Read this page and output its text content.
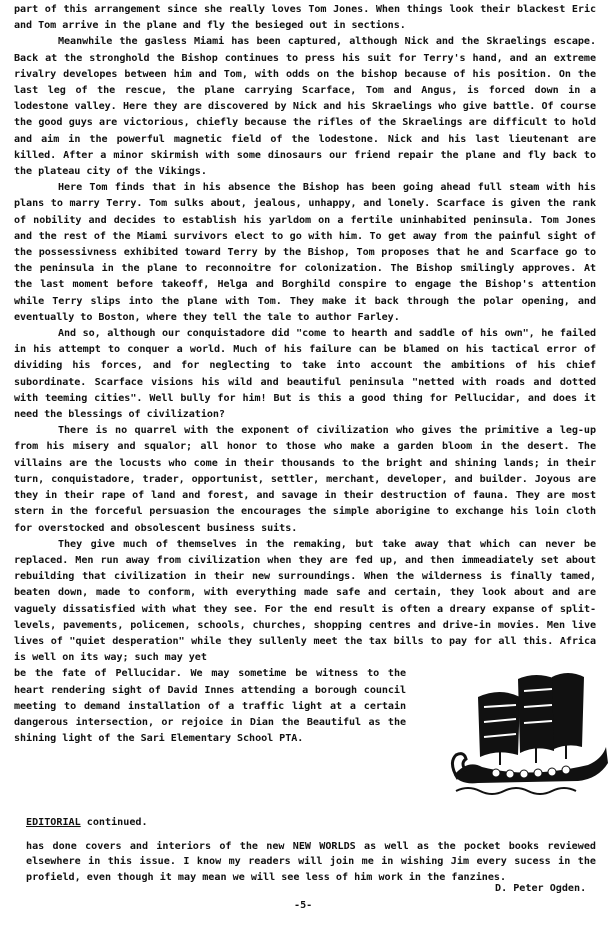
part of this arrangement since she really loves Tom Jones. When things look their blackest Eric and Tom arrive in the plane and fly the besieged out in sections.

Meanwhile the gasless Miami has been captured, although Nick and the Skraelings escape. Back at the stronghold the Bishop continues to press his suit for Terry's hand, and an extreme rivalry developes between him and Tom, with odds on the bishop because of his position. On the last leg of the rescue, the plane carrying Scarface, Tom and Angus, is forced down in a lodestone valley. Here they are discovered by Nick and his Skraelings who give battle. Of course the good guys are victorious, chiefly because the rifles of the Skraelings are difficult to hold and aim in the powerful magnetic field of the lodestone. Nick and his last lieutenant are killed. After a minor skirmish with some dinosaurs our friend repair the plane and fly back to the plateau city of the Vikings.

Here Tom finds that in his absence the Bishop has been going ahead full steam with his plans to marry Terry. Tom sulks about, jealous, unhappy, and lonely. Scarface is given the rank of nobility and decides to establish his yarldom on a fertile uninhabited peninsula. Tom Jones and the rest of the Miami survivors elect to go with him. To get away from the painful sight of the possessivness exhibited toward Terry by the Bishop, Tom proposes that he and Scarface go to the peninsula in the plane to reconnoitre for colonization. The Bishop smilingly approves. At the last moment before takeoff, Helga and Borghild conspire to engage the Bishop's attention while Terry slips into the plane with Tom. They make it back through the polar opening, and eventually to Boston, where they tell the tale to author Farley.

And so, although our conquistadore did "come to hearth and saddle of his own", he failed in his attempt to conquer a world. Much of his failure can be blamed on his tactical error of dividing his forces, and for neglecting to take into account the ambitions of his chief subordinate. Scarface visions his wild and beautiful peninsula "netted with roads and dotted with teeming cities". Well bully for him! But is this a good thing for Pellucidar, and does it need the blessings of civilization?

There is no quarrel with the exponent of civilization who gives the primitive a leg-up from his misery and squalor; all honor to those who make a garden bloom in the desert. The villains are the locusts who come in their thousands to the bright and shining lands; in their turn, conquistadore, trader, opportunist, settler, merchant, developer, and builder. Joyous are they in their rape of land and forest, and savage in their destruction of fauna. They are most stern in the forceful persuasion the encourages the simple aborigine to exchange his loin cloth for overstocked and obsolescent business suits.

They give much of themselves in the remaking, but take away that which can never be replaced. Men run away from civilization when they are fed up, and then immeadiately set about rebuilding that civilization in their new surroundings. When the wilderness is finally tamed, beaten down, made to conform, with everything made safe and certain, they look about and are vaguely dissatisfied with what they see. For the end result is often a dreary expanse of split-levels, pavements, policemen, schools, churches, shopping centres and drive-in movies. Men live lives of "quiet desperation" while they sullenly meet the tax bills to pay for all this. Africa is well on its way; such may yet

be the fate of Pellucidar. We may sometime be witness to the heart rendering sight of David Innes attending a borough council meeting to demand installation of a traffic light at a certain dangerous intersection, or rejoice in Dian the Beautiful as the shining light of the Sari Elementary School PTA.

EDITORIAL continued.
has done covers and interiors of the new NEW WORLDS as well as the pocket books reviewed elsewhere in this issue. I know my readers will join me in wishing Jim every sucess in the profield, even though it may mean we will see less of him work in the fanzines.
D. Peter Ogden.
-5-
